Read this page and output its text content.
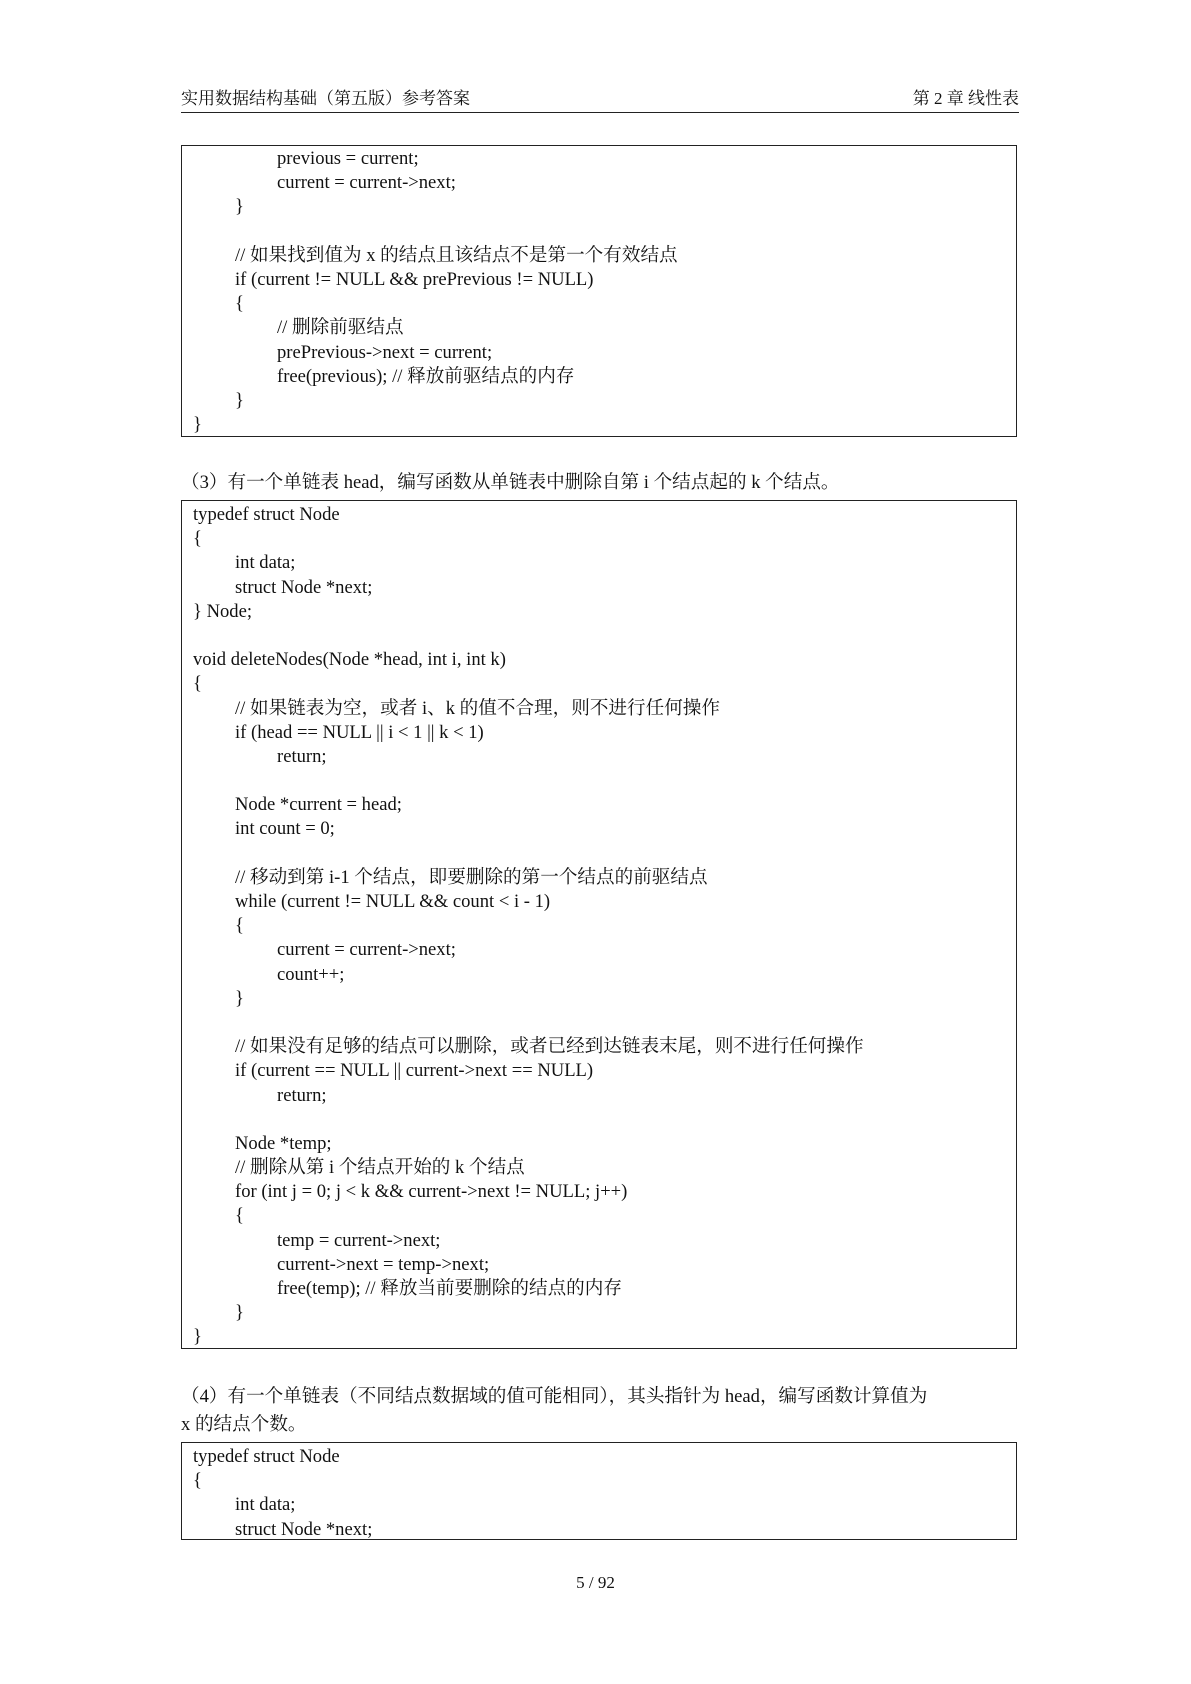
实用数据结构基础（第五版）参考答案	第 2 章 线性表
previous = current;
current = current->next;
}
// 如果找到值为 x 的结点且该结点不是第一个有效结点
if (current != NULL && prePrevious != NULL)
{
// 删除前驱结点
prePrevious->next = current;
free(previous); // 释放前驱结点的内存
}
}
（3）有一个单链表 head，编写函数从单链表中删除自第 i 个结点起的 k 个结点。
typedef struct Node
{
int data;
struct Node *next;
} Node;
void deleteNodes(Node *head, int i, int k)
{
// 如果链表为空，或者 i、k 的值不合理，则不进行任何操作
if (head == NULL || i < 1 || k < 1)
return;
Node *current = head;
int count = 0;
// 移动到第 i-1 个结点，即要删除的第一个结点的前驱结点
while (current != NULL && count < i - 1)
{
current = current->next;
count++;
}
// 如果没有足够的结点可以删除，或者已经到达链表末尾，则不进行任何操作
if (current == NULL || current->next == NULL)
return;
Node *temp;
// 删除从第 i 个结点开始的 k 个结点
for (int j = 0; j < k && current->next != NULL; j++)
{
temp = current->next;
current->next = temp->next;
free(temp); // 释放当前要删除的结点的内存
}
}
（4）有一个单链表（不同结点数据域的值可能相同），其头指针为 head，编写函数计算值为
x 的结点个数。
typedef struct Node
{
int data;
struct Node *next;
5 / 92
